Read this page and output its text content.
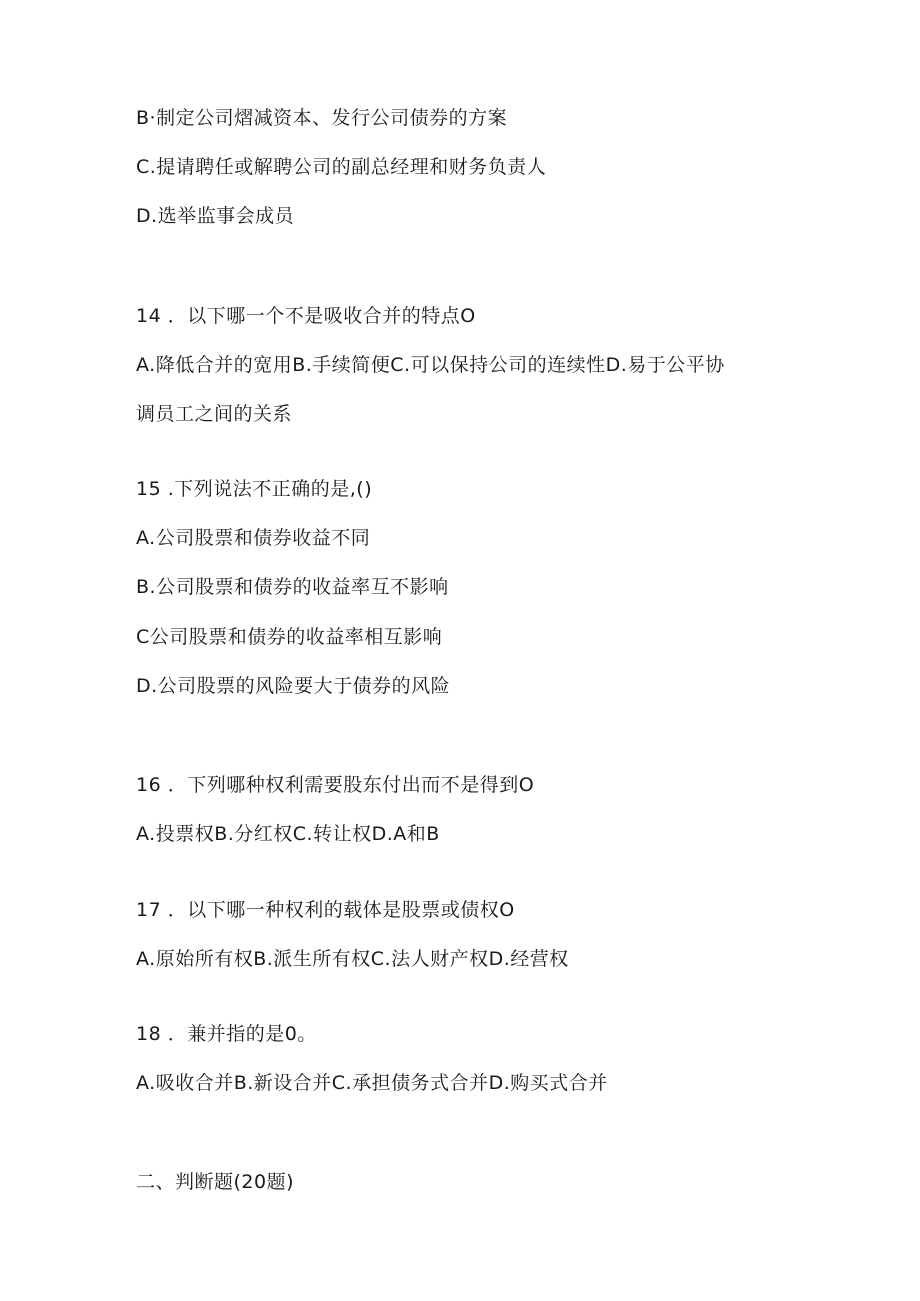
B·制定公司熠减资本、发行公司债券的方案
C.提请聘任或解聘公司的副总经理和财务负责人
D.选举监事会成员
14 ．以下哪一个不是吸收合并的特点O
A.降低合并的宽用B.手续简便C.可以保持公司的连续性D.易于公平协
调员工之间的关系
15 .下列说法不正确的是,()
A.公司股票和债券收益不同
B.公司股票和债券的收益率互不影响
C公司股票和债券的收益率相互影响
D.公司股票的风险要大于债券的风险
16 ．下列哪种权利需要股东付出而不是得到O
A.投票权B.分红权C.转让权D.A和B
17 ．以下哪一种权利的载体是股票或债权O
A.原始所有权B.派生所有权C.法人财产权D.经营权
18 ．兼并指的是0。
A.吸收合并B.新设合并C.承担债务式合并D.购买式合并
二、判断题(20题)
